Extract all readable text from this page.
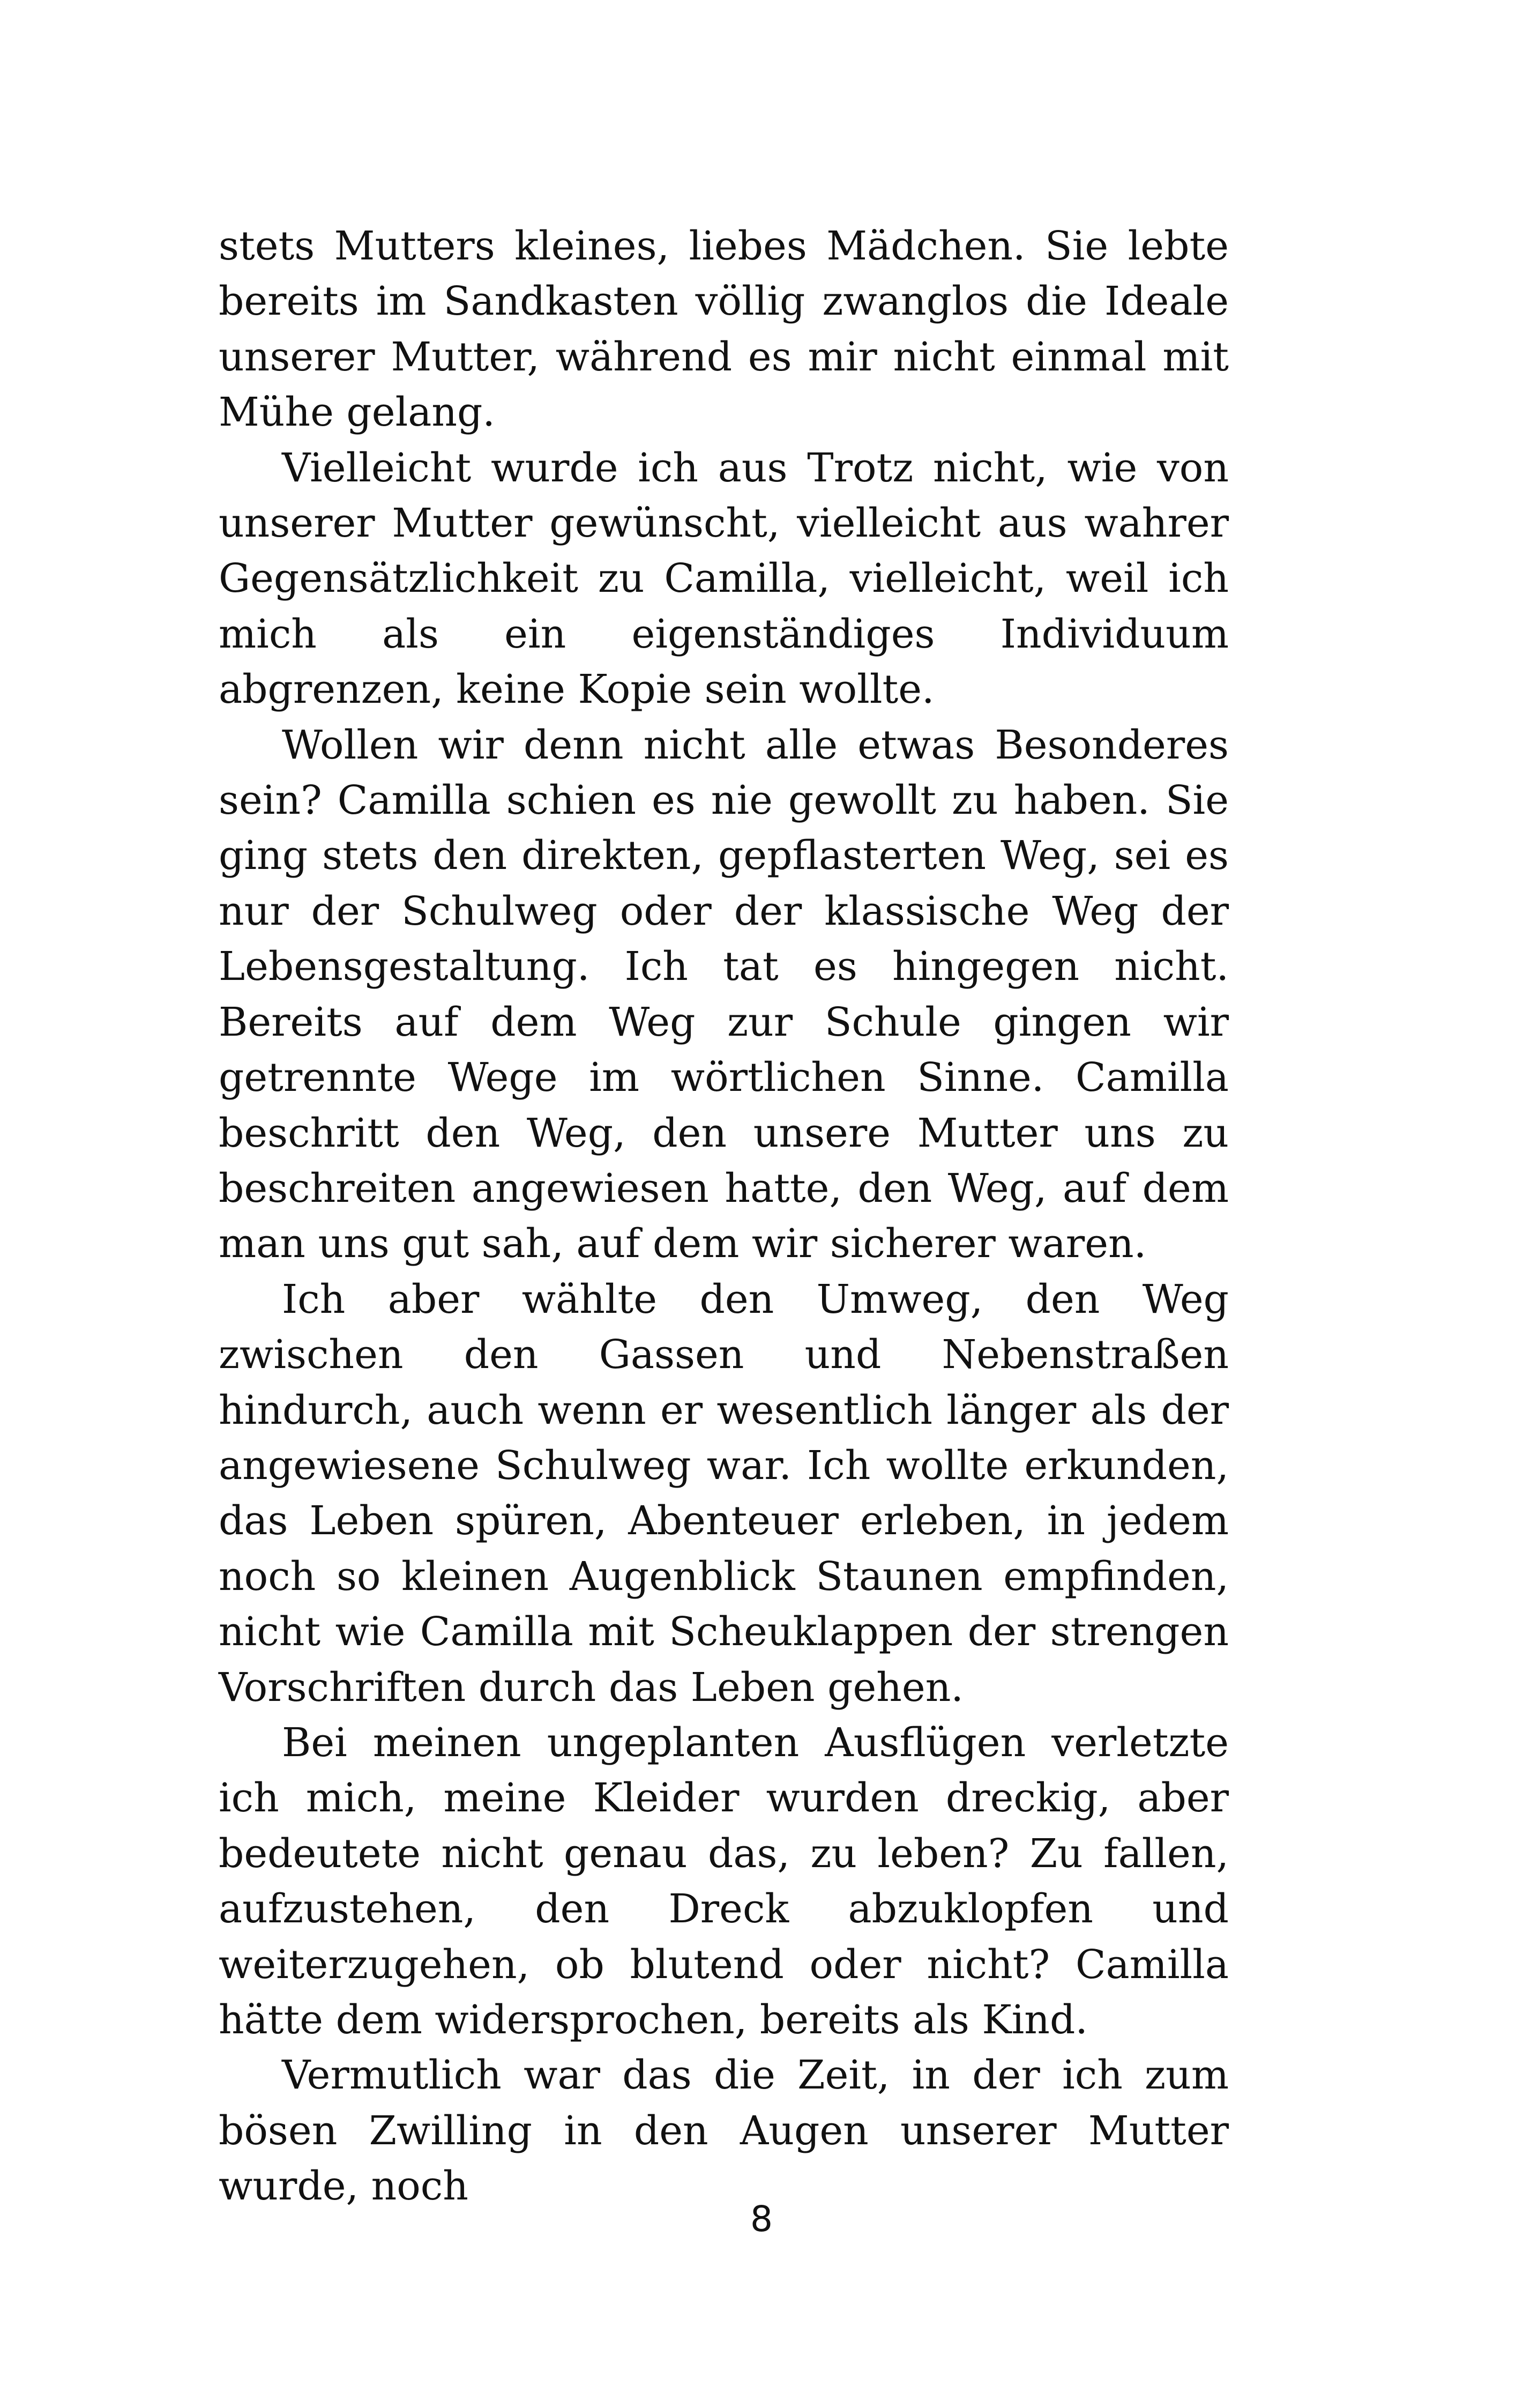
stets Mutters kleines, liebes Mädchen. Sie lebte bereits im Sandkasten völlig zwanglos die Ideale unserer Mutter, während es mir nicht einmal mit Mühe gelang.

Vielleicht wurde ich aus Trotz nicht, wie von unserer Mutter gewünscht, vielleicht aus wahrer Gegensätzlichkeit zu Camilla, vielleicht, weil ich mich als ein eigenständiges Individuum abgrenzen, keine Kopie sein wollte.

Wollen wir denn nicht alle etwas Besonderes sein? Camilla schien es nie gewollt zu haben. Sie ging stets den direkten, gepflasterten Weg, sei es nur der Schulweg oder der klassische Weg der Lebensgestaltung. Ich tat es hingegen nicht. Bereits auf dem Weg zur Schule gingen wir getrennte Wege im wörtlichen Sinne. Camilla beschritt den Weg, den unsere Mutter uns zu beschreiten angewiesen hatte, den Weg, auf dem man uns gut sah, auf dem wir sicherer waren.

Ich aber wählte den Umweg, den Weg zwischen den Gassen und Nebenstraßen hindurch, auch wenn er wesentlich länger als der angewiesene Schulweg war. Ich wollte erkunden, das Leben spüren, Abenteuer erleben, in jedem noch so kleinen Augenblick Staunen empfinden, nicht wie Camilla mit Scheuklappen der strengen Vorschriften durch das Leben gehen.

Bei meinen ungeplanten Ausflügen verletzte ich mich, meine Kleider wurden dreckig, aber bedeutete nicht genau das, zu leben? Zu fallen, aufzustehen, den Dreck abzuklopfen und weiterzugehen, ob blutend oder nicht? Camilla hätte dem widersprochen, bereits als Kind.

Vermutlich war das die Zeit, in der ich zum bösen Zwilling in den Augen unserer Mutter wurde, noch

8
